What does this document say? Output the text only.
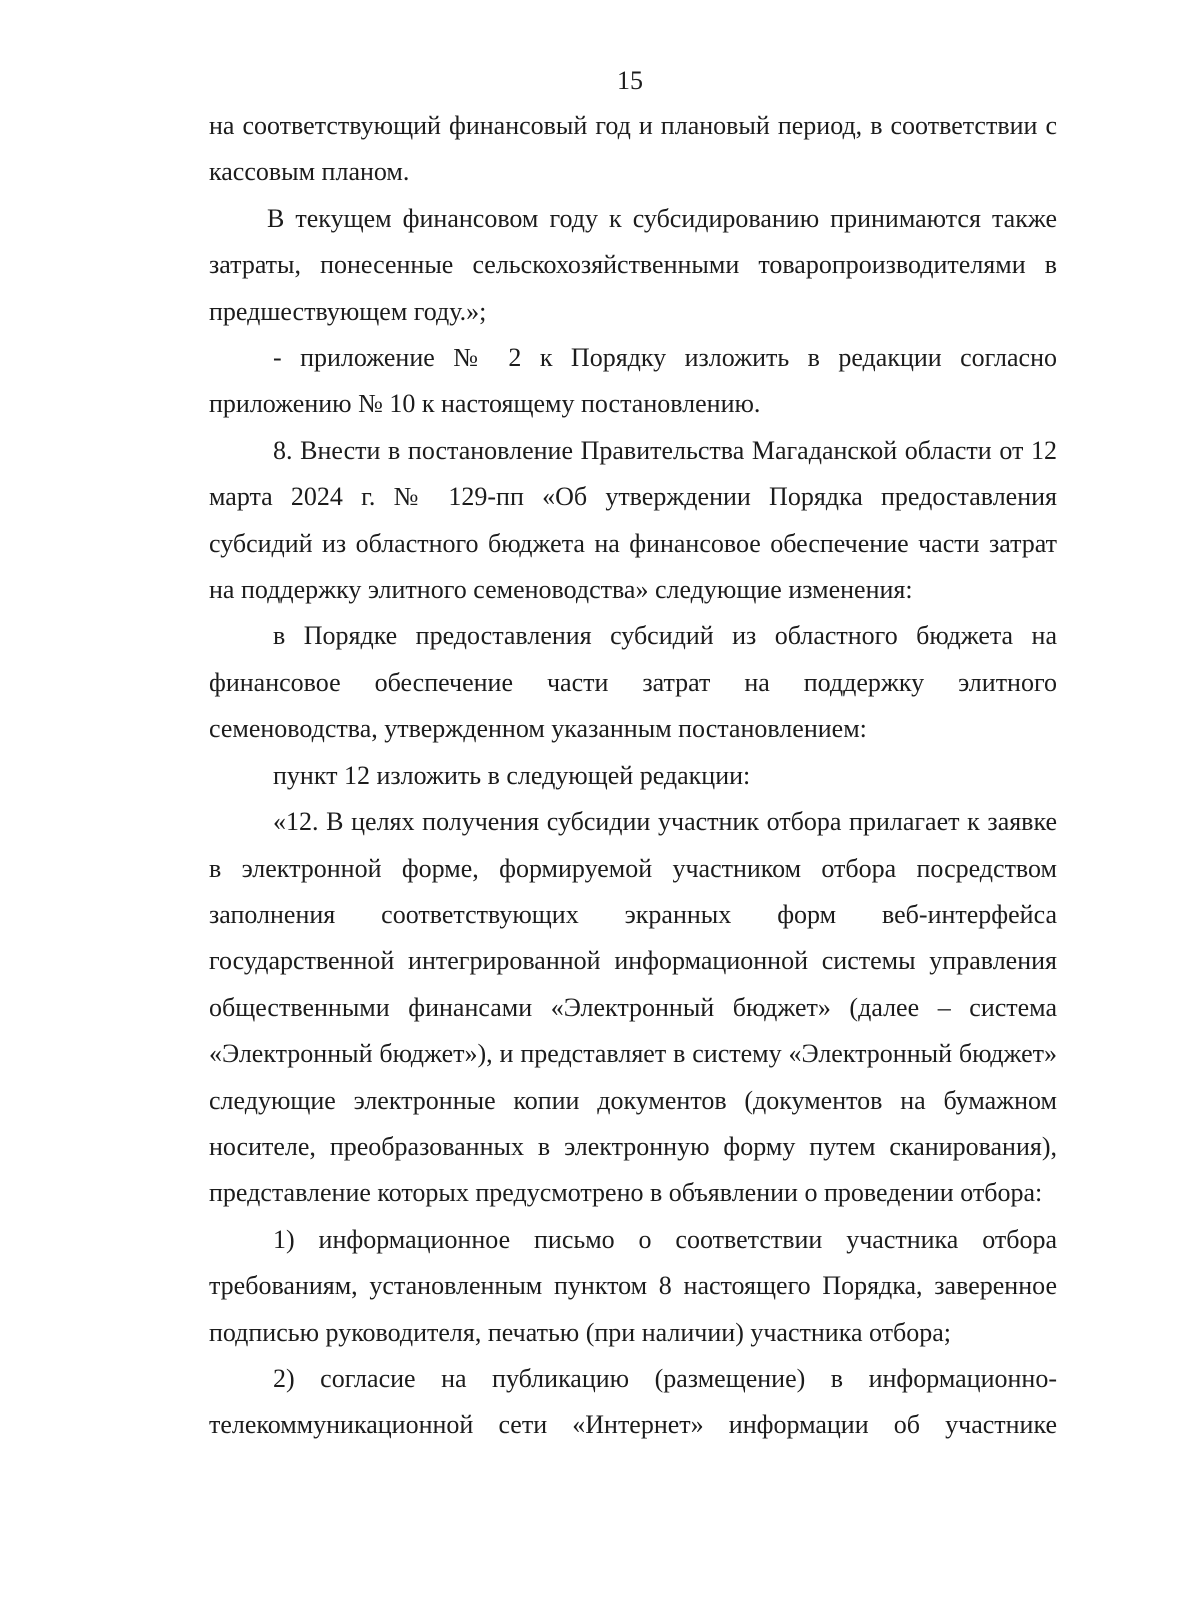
15

на соответствующий финансовый год и плановый период, в соответствии с кассовым планом.

В текущем финансовом году к субсидированию принимаются также затраты, понесенные сельскохозяйственными товаропроизводителями в предшествующем году.»;

- приложение № 2 к Порядку изложить в редакции согласно приложению № 10 к настоящему постановлению.

8. Внести в постановление Правительства Магаданской области от 12 марта 2024 г. № 129-пп «Об утверждении Порядка предоставления субсидий из областного бюджета на финансовое обеспечение части затрат на поддержку элитного семеноводства» следующие изменения:

в Порядке предоставления субсидий из областного бюджета на финансовое обеспечение части затрат на поддержку элитного семеноводства, утвержденном указанным постановлением:

пункт 12 изложить в следующей редакции:

«12. В целях получения субсидии участник отбора прилагает к заявке в электронной форме, формируемой участником отбора посредством заполнения соответствующих экранных форм веб-интерфейса государственной интегрированной информационной системы управления общественными финансами «Электронный бюджет» (далее – система «Электронный бюджет»), и представляет в систему «Электронный бюджет» следующие электронные копии документов (документов на бумажном носителе, преобразованных в электронную форму путем сканирования), представление которых предусмотрено в объявлении о проведении отбора:

1) информационное письмо о соответствии участника отбора требованиям, установленным пунктом 8 настоящего Порядка, заверенное подписью руководителя, печатью (при наличии) участника отбора;

2) согласие на публикацию (размещение) в информационно-телекоммуникационной сети «Интернет» информации об участнике
